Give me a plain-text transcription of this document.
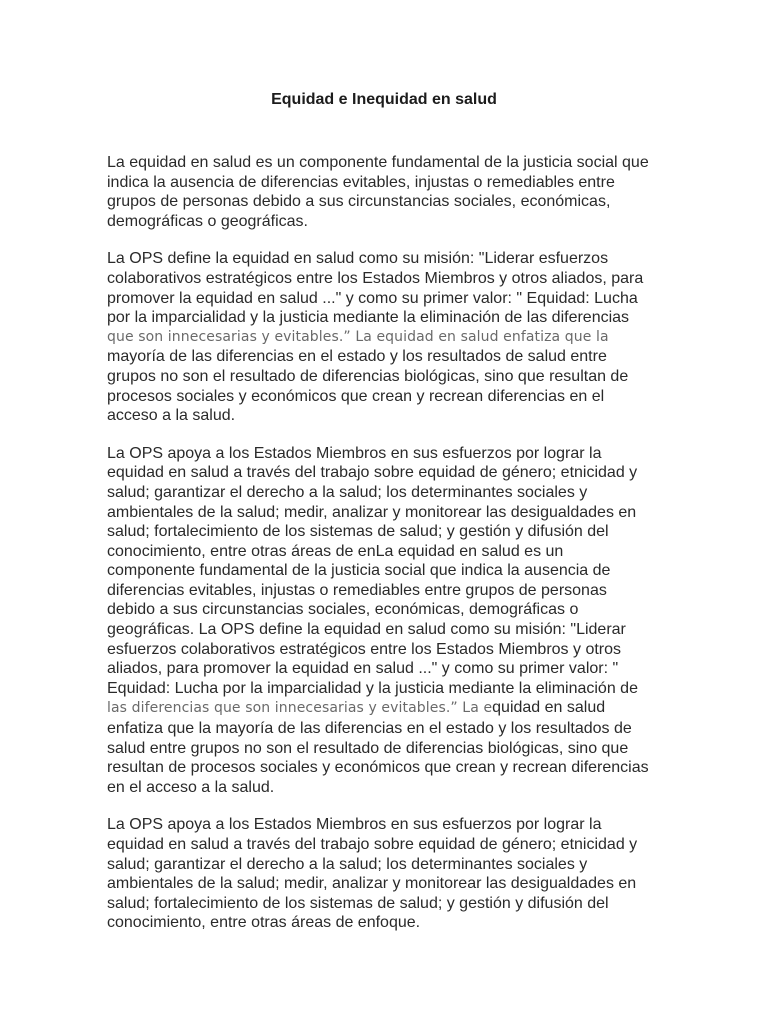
Equidad e Inequidad en salud

La equidad en salud es un componente fundamental de la justicia social que
indica la ausencia de diferencias evitables, injustas o remediables entre
grupos de personas debido a sus circunstancias sociales, económicas,
demográficas o geográficas.

La OPS define la equidad en salud como su misión: "Liderar esfuerzos
colaborativos estratégicos entre los Estados Miembros y otros aliados, para
promover la equidad en salud ..." y como su primer valor: " Equidad: Lucha
por la imparcialidad y la justicia mediante la eliminación de las diferencias
que son innecesarias y evitables.” La equidad en salud enfatiza que la
mayoría de las diferencias en el estado y los resultados de salud entre
grupos no son el resultado de diferencias biológicas, sino que resultan de
procesos sociales y económicos que crean y recrean diferencias en el
acceso a la salud.

La OPS apoya a los Estados Miembros en sus esfuerzos por lograr la
equidad en salud a través del trabajo sobre equidad de género; etnicidad y
salud; garantizar el derecho a la salud; los determinantes sociales y
ambientales de la salud; medir, analizar y monitorear las desigualdades en
salud; fortalecimiento de los sistemas de salud; y gestión y difusión del
conocimiento, entre otras áreas de enLa equidad en salud es un
componente fundamental de la justicia social que indica la ausencia de
diferencias evitables, injustas o remediables entre grupos de personas
debido a sus circunstancias sociales, económicas, demográficas o
geográficas. La OPS define la equidad en salud como su misión: "Liderar
esfuerzos colaborativos estratégicos entre los Estados Miembros y otros
aliados, para promover la equidad en salud ..." y como su primer valor: "
Equidad: Lucha por la imparcialidad y la justicia mediante la eliminación de
las diferencias que son innecesarias y evitables.” La equidad en salud
enfatiza que la mayoría de las diferencias en el estado y los resultados de
salud entre grupos no son el resultado de diferencias biológicas, sino que
resultan de procesos sociales y económicos que crean y recrean diferencias
en el acceso a la salud.

La OPS apoya a los Estados Miembros en sus esfuerzos por lograr la
equidad en salud a través del trabajo sobre equidad de género; etnicidad y
salud; garantizar el derecho a la salud; los determinantes sociales y
ambientales de la salud; medir, analizar y monitorear las desigualdades en
salud; fortalecimiento de los sistemas de salud; y gestión y difusión del
conocimiento, entre otras áreas de enfoque.
